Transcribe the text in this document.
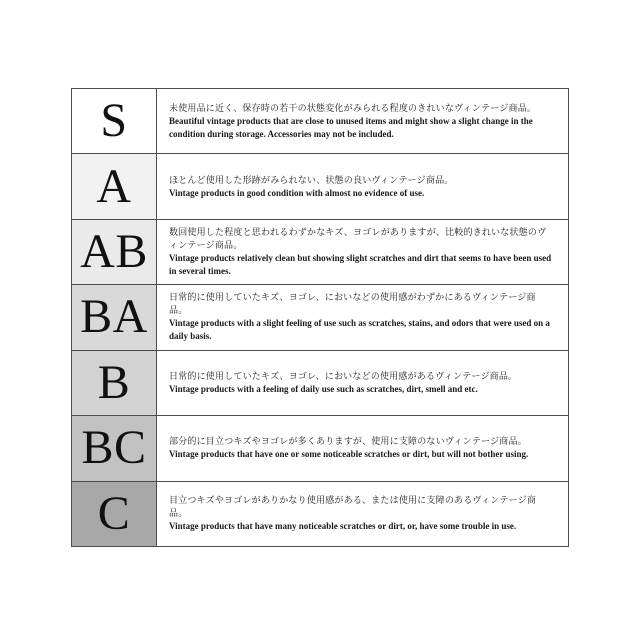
S	未使用品に近く、保存時の若干の状態変化がみられる程度のきれいなヴィンテージ商品。
Beautiful vintage products that are close to unused items and might show a slight change in the condition during storage. Accessories may not be included.
A	ほとんど使用した形跡がみられない、状態の良いヴィンテージ商品。
Vintage products in good condition with almost no evidence of use.
AB 数回使用した程度と思われるわずかなキズ、ヨゴレがありますが、比較的きれいな状態のヴィンテージ商品。
Vintage products relatively clean but showing slight scratches and dirt that seems to have been used in several times.
BA 日常的に使用していたキズ、ヨゴレ、においなどの使用感がわずかにあるヴィンテージ商品。
Vintage products with a slight feeling of use such as scratches, stains, and odors that were used on a daily basis.
B	日常的に使用していたキズ、ヨゴレ、においなどの使用感があるヴィンテージ商品。
Vintage products with a feeling of daily use such as scratches, dirt, smell and etc.
BC 部分的に目立つキズやヨゴレが多くありますが、使用に支障のないヴィンテージ商品。
Vintage products that have one or some noticeable scratches or dirt, but will not bother using.
C	目立つキズやヨゴレがありかなり使用感がある、または使用に支障のあるヴィンテージ商品。
Vintage products that have many noticeable scratches or dirt, or, have some trouble in use.
